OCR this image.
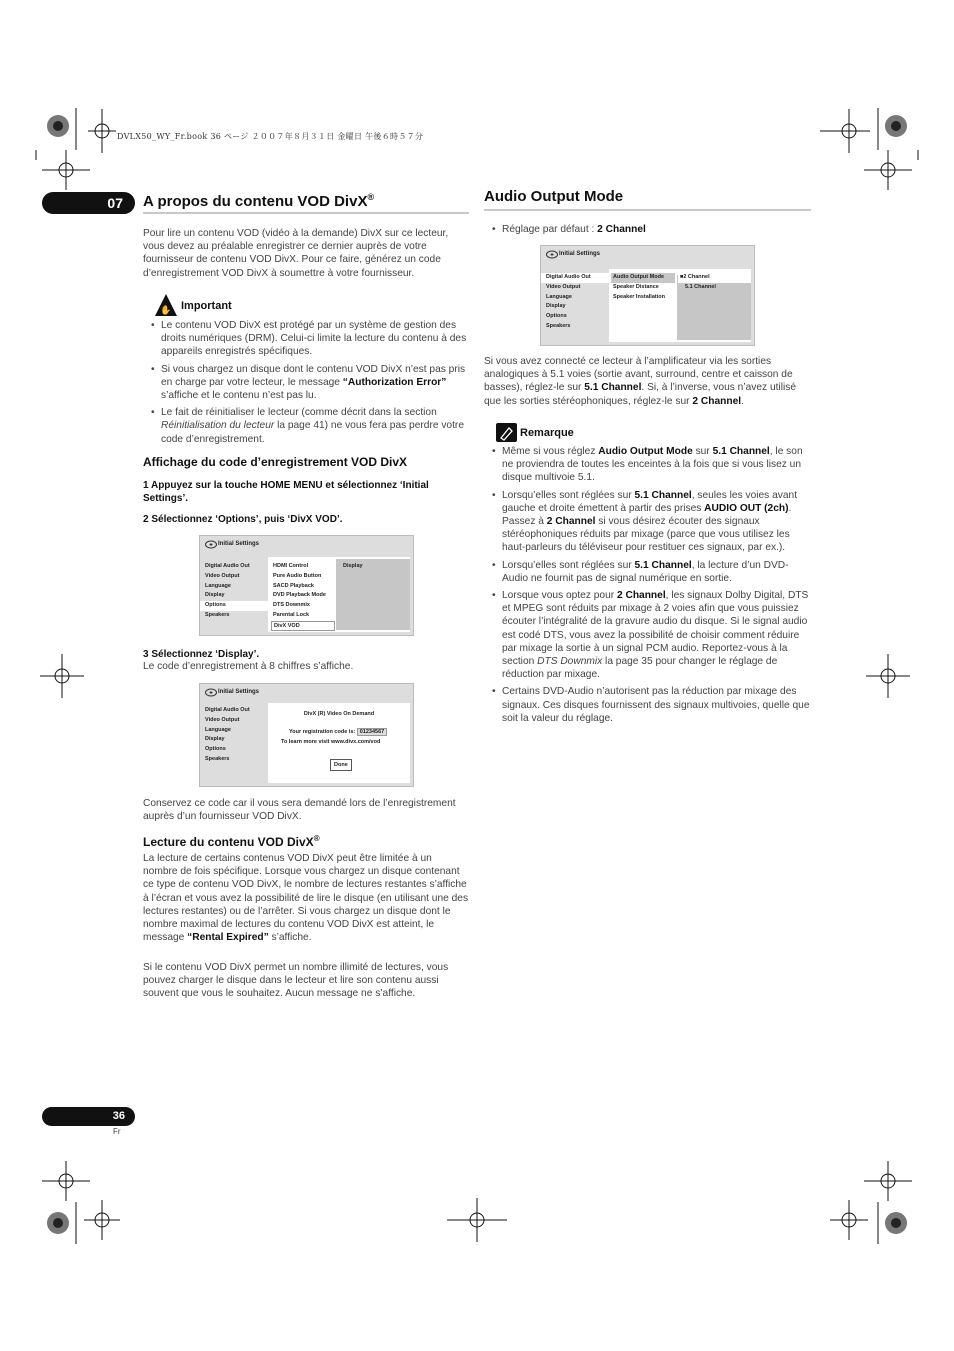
DVLX50_WY_Fr.book 36 ページ ２００７年８月３１日 金曜日 午後６時５７分
07	A propos du contenu VOD DivX®
Pour lire un contenu VOD (vidéo à la demande) DivX sur ce lecteur, vous devez au préalable enregistrer ce dernier auprès de votre fournisseur de contenu VOD DivX. Pour ce faire, générez un code d’enregistrement VOD DivX à soumettre à votre fournisseur.
✋ Important
• Le contenu VOD DivX est protégé par un système de gestion des droits numériques (DRM). Celui-ci limite la lecture du contenu à des appareils enregistrés spécifiques.
• Si vous chargez un disque dont le contenu VOD DivX n’est pas pris en charge par votre lecteur, le message “Authorization Error” s’affiche et le contenu n’est pas lu.
• Le fait de réinitialiser le lecteur (comme décrit dans la section Réinitialisation du lecteur la page 41) ne vous fera pas perdre votre code d’enregistrement.
Affichage du code d’enregistrement VOD DivX
1 Appuyez sur la touche HOME MENU et sélectionnez ‘Initial Settings’.
2 Sélectionnez ‘Options’, puis ‘DivX VOD’.
Initial Settings
Digital Audio Out
Video Output
Language
Display
Options
Speakers
HDMI Control
Pure Audio Button
SACD Playback
DVD Playback Mode
DTS Downmix
Parental Lock
DivX VOD
Display
3 Sélectionnez ‘Display’.
Le code d’enregistrement à 8 chiffres s’affiche.
Initial Settings
Digital Audio Out
Video Output
Language
Display
Options
Speakers
DivX (R) Video On Demand
Your registration code is: 01234567
To learn more visit www.divx.com/vod
Done
Conservez ce code car il vous sera demandé lors de l’enregistrement auprès d’un fournisseur VOD DivX.
Lecture du contenu VOD DivX®
La lecture de certains contenus VOD DivX peut être limitée à un nombre de fois spécifique. Lorsque vous chargez un disque contenant ce type de contenu VOD DivX, le nombre de lectures restantes s’affiche à l’écran et vous avez la possibilité de lire le disque (en utilisant une des lectures restantes) ou de l’arrêter. Si vous chargez un disque dont le nombre maximal de lectures du contenu VOD DivX est atteint, le message “Rental Expired” s’affiche.
Si le contenu VOD DivX permet un nombre illimité de lectures, vous pouvez charger le disque dans le lecteur et lire son contenu aussi souvent que vous le souhaitez. Aucun message ne s’affiche.
Audio Output Mode
• Réglage par défaut : 2 Channel
Initial Settings
Digital Audio Out
Video Output
Language
Display
Options
Speakers
Audio Output Mode
Speaker Distance
Speaker Installation
■2 Channel
5.1 Channel
Si vous avez connecté ce lecteur à l’amplificateur via les sorties analogiques à 5.1 voies (sortie avant, surround, centre et caisson de basses), réglez-le sur 5.1 Channel. Si, à l’inverse, vous n’avez utilisé que les sorties stéréophoniques, réglez-le sur 2 Channel.
Remarque
• Même si vous réglez Audio Output Mode sur 5.1 Channel, le son ne proviendra de toutes les enceintes à la fois que si vous lisez un disque multivoie 5.1.
• Lorsqu’elles sont réglées sur 5.1 Channel, seules les voies avant gauche et droite émettent à partir des prises AUDIO OUT (2ch). Passez à 2 Channel si vous désirez écouter des signaux stéréophoniques réduits par mixage (parce que vous utilisez les haut-parleurs du téléviseur pour restituer ces signaux, par ex.).
• Lorsqu’elles sont réglées sur 5.1 Channel, la lecture d’un DVD-Audio ne fournit pas de signal numérique en sortie.
• Lorsque vous optez pour 2 Channel, les signaux Dolby Digital, DTS et MPEG sont réduits par mixage à 2 voies afin que vous puissiez écouter l’intégralité de la gravure audio du disque. Si le signal audio est codé DTS, vous avez la possibilité de choisir comment réduire par mixage la sortie à un signal PCM audio. Reportez-vous à la section DTS Downmix la page 35 pour changer le réglage de réduction par mixage.
• Certains DVD-Audio n’autorisent pas la réduction par mixage des signaux. Ces disques fournissent des signaux multivoies, quelle que soit la valeur du réglage.
36
Fr
